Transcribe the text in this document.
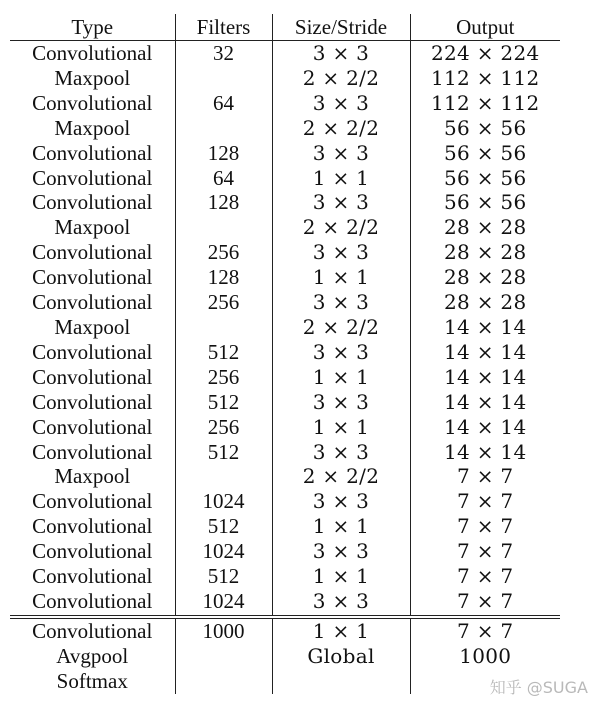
Type	Filters	Size/Stride	Output
Convolutional	32	3 × 3	224 × 224
Maxpool		2 × 2/2	112 × 112
Convolutional	64	3 × 3	112 × 112
Maxpool		2 × 2/2	56 × 56
Convolutional	128	3 × 3	56 × 56
Convolutional	64	1 × 1	56 × 56
Convolutional	128	3 × 3	56 × 56
Maxpool		2 × 2/2	28 × 28
Convolutional	256	3 × 3	28 × 28
Convolutional	128	1 × 1	28 × 28
Convolutional	256	3 × 3	28 × 28
Maxpool		2 × 2/2	14 × 14
Convolutional	512	3 × 3	14 × 14
Convolutional	256	1 × 1	14 × 14
Convolutional	512	3 × 3	14 × 14
Convolutional	256	1 × 1	14 × 14
Convolutional	512	3 × 3	14 × 14
Maxpool		2 × 2/2	7 × 7
Convolutional	1024	3 × 3	7 × 7
Convolutional	512	1 × 1	7 × 7
Convolutional	1024	3 × 3	7 × 7
Convolutional	512	1 × 1	7 × 7
Convolutional	1024	3 × 3	7 × 7
Convolutional	1000	1 × 1	7 × 7
Avgpool		Global	1000
Softmax				知乎 @SUGA
